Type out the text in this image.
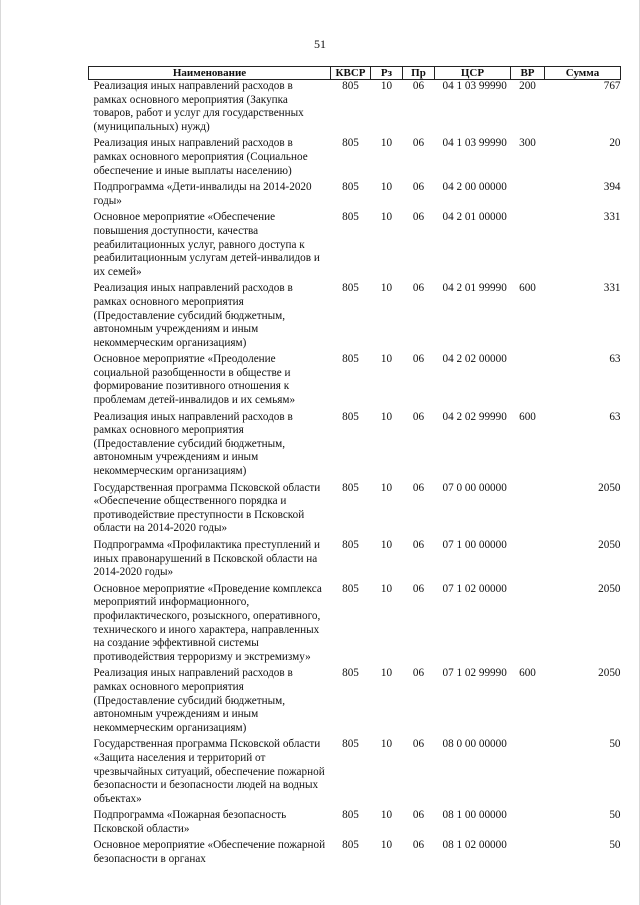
51
Наименование	КВСР	Рз	Пр	ЦСР	ВР	Сумма
Реализация иных направлений расходов в рамках основного мероприятия (Закупка товаров, работ и услуг для государственных (муниципальных) нужд)	805	10	06	04 1 03 99990	200	767
Реализация иных направлений расходов в рамках основного мероприятия (Социальное обеспечение и иные выплаты населению)	805	10	06	04 1 03 99990	300	20
Подпрограмма «Дети-инвалиды на 2014-2020 годы»	805	10	06	04 2 00 00000		394
Основное мероприятие «Обеспечение повышения доступности, качества реабилитационных услуг, равного доступа к реабилитационным услугам детей-инвалидов и их семей»	805	10	06	04 2 01 00000		331
Реализация иных направлений расходов в рамках основного мероприятия (Предоставление субсидий бюджетным, автономным учреждениям и иным некоммерческим организациям)	805	10	06	04 2 01 99990	600	331
Основное мероприятие «Преодоление социальной разобщенности в обществе и формирование позитивного отношения к проблемам детей-инвалидов и их семьям»	805	10	06	04 2 02 00000		63
Реализация иных направлений расходов в рамках основного мероприятия (Предоставление субсидий бюджетным, автономным учреждениям и иным некоммерческим организациям)	805	10	06	04 2 02 99990	600	63
Государственная программа Псковской области «Обеспечение общественного порядка и противодействие преступности в Псковской области на 2014-2020 годы»	805	10	06	07 0 00 00000		2050
Подпрограмма «Профилактика преступлений и иных правонарушений в Псковской области на 2014-2020 годы»	805	10	06	07 1 00 00000		2050
Основное мероприятие «Проведение комплекса мероприятий информационного, профилактического, розыскного, оперативного, технического и иного характера, направленных на создание эффективной системы противодействия терроризму и экстремизму»	805	10	06	07 1 02 00000		2050
Реализация иных направлений расходов в рамках основного мероприятия (Предоставление субсидий бюджетным, автономным учреждениям и иным некоммерческим организациям)	805	10	06	07 1 02 99990	600	2050
Государственная программа Псковской области «Защита населения и территорий от чрезвычайных ситуаций, обеспечение пожарной безопасности и безопасности людей на водных объектах»	805	10	06	08 0 00 00000		50
Подпрограмма «Пожарная безопасность Псковской области»	805	10	06	08 1 00 00000		50
Основное мероприятие «Обеспечение пожарной безопасности в органах	805	10	06	08 1 02 00000		50
